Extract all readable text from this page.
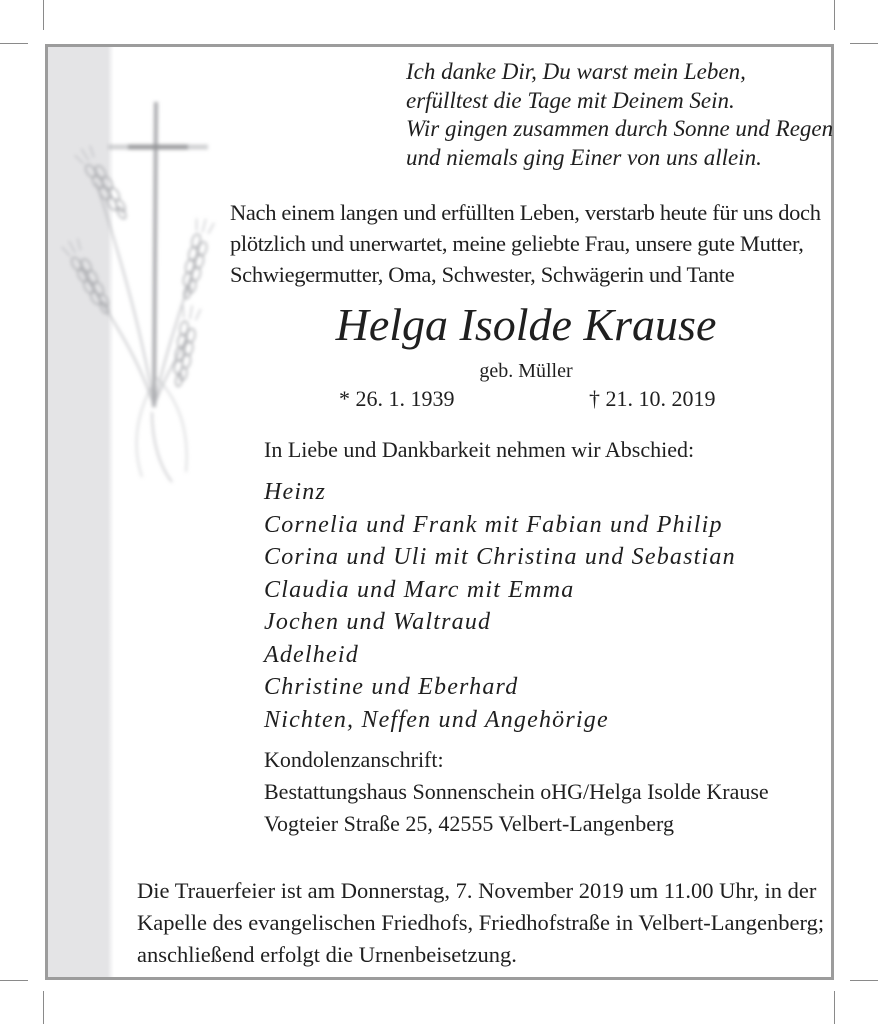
Ich danke Dir, Du warst mein Leben,
erfülltest die Tage mit Deinem Sein.
Wir gingen zusammen durch Sonne und Regen
und niemals ging Einer von uns allein.
Nach einem langen und erfüllten Leben, verstarb heute für uns doch
plötzlich und unerwartet, meine geliebte Frau, unsere gute Mutter,
Schwiegermutter, Oma, Schwester, Schwägerin und Tante
Helga Isolde Krause
geb. Müller
* 26. 1. 1939	† 21. 10. 2019
In Liebe und Dankbarkeit nehmen wir Abschied:
Heinz
Cornelia und Frank mit Fabian und Philip
Corina und Uli mit Christina und Sebastian
Claudia und Marc mit Emma
Jochen und Waltraud
Adelheid
Christine und Eberhard
Nichten, Neffen und Angehörige
Kondolenzanschrift:
Bestattungshaus Sonnenschein oHG/Helga Isolde Krause
Vogteier Straße 25, 42555 Velbert-Langenberg
Die Trauerfeier ist am Donnerstag, 7. November 2019 um 11.00 Uhr, in der
Kapelle des evangelischen Friedhofs, Friedhofstraße in Velbert-Langenberg;
anschließend erfolgt die Urnenbeisetzung.
